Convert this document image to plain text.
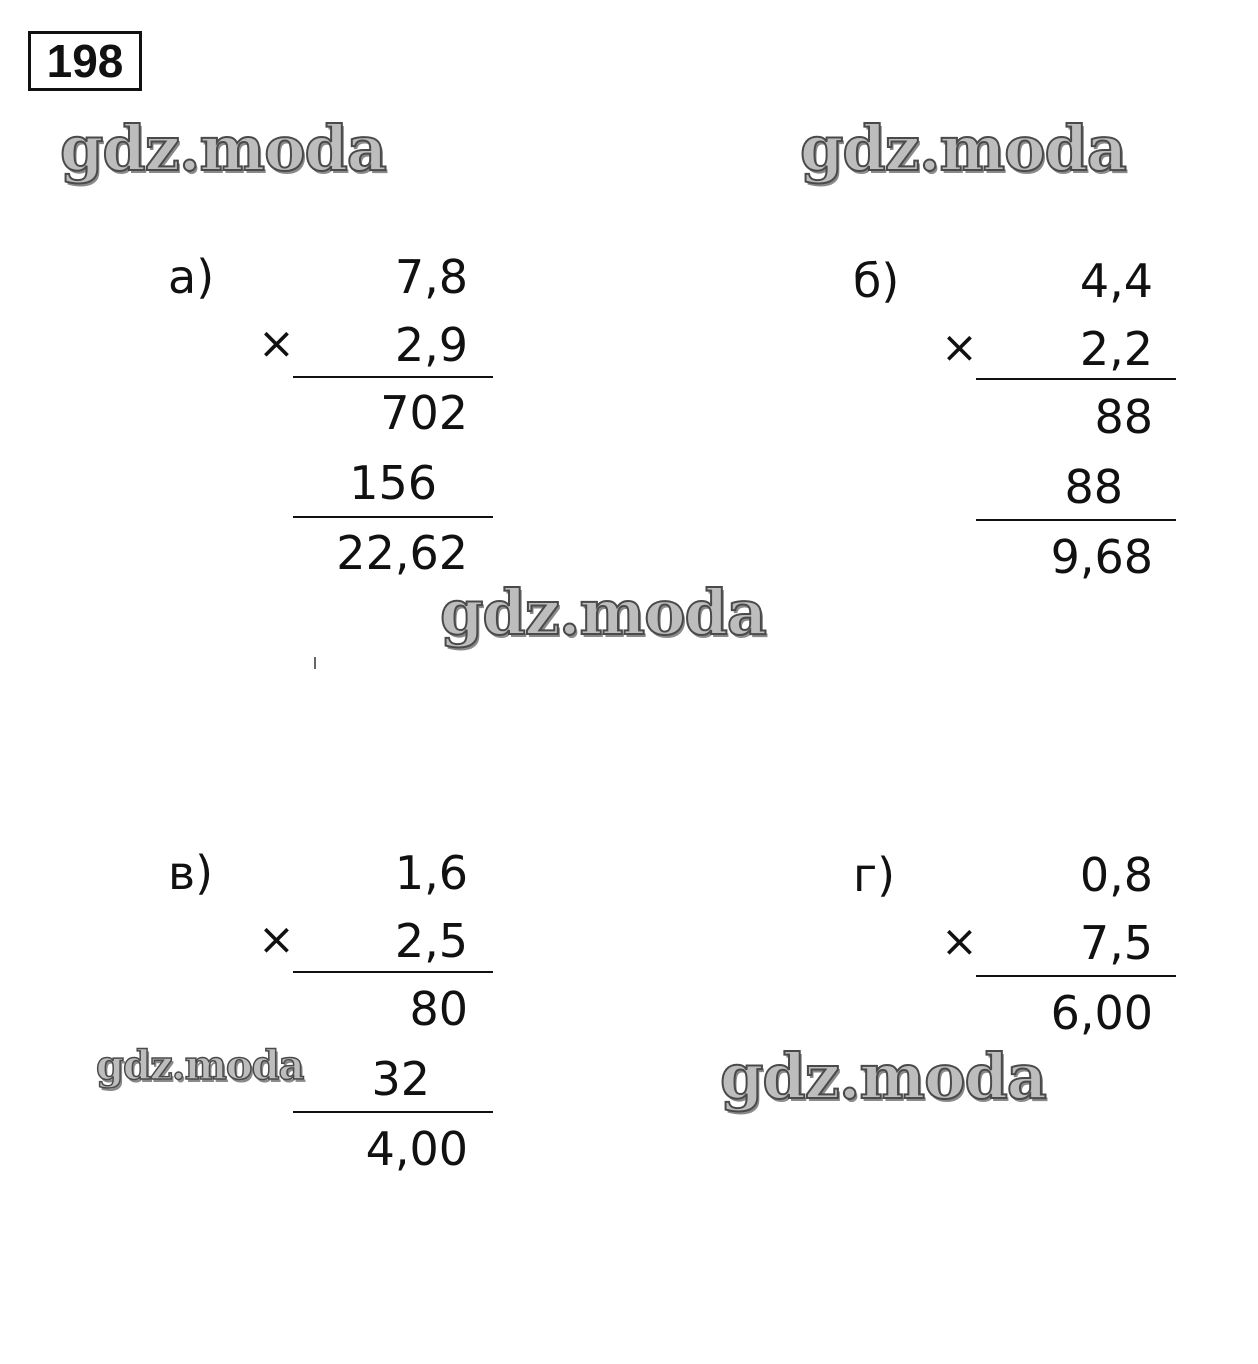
198
gdz.moda	gdz.moda
gdz.moda
gdz.moda	gdz.moda
а)	7,8
× 2,9
702
156
22,62
б)	4,4
× 2,2
88
88
9,68
в)	1,6
× 2,5
80
32
4,00
г)	0,8
× 7,5
6,00
